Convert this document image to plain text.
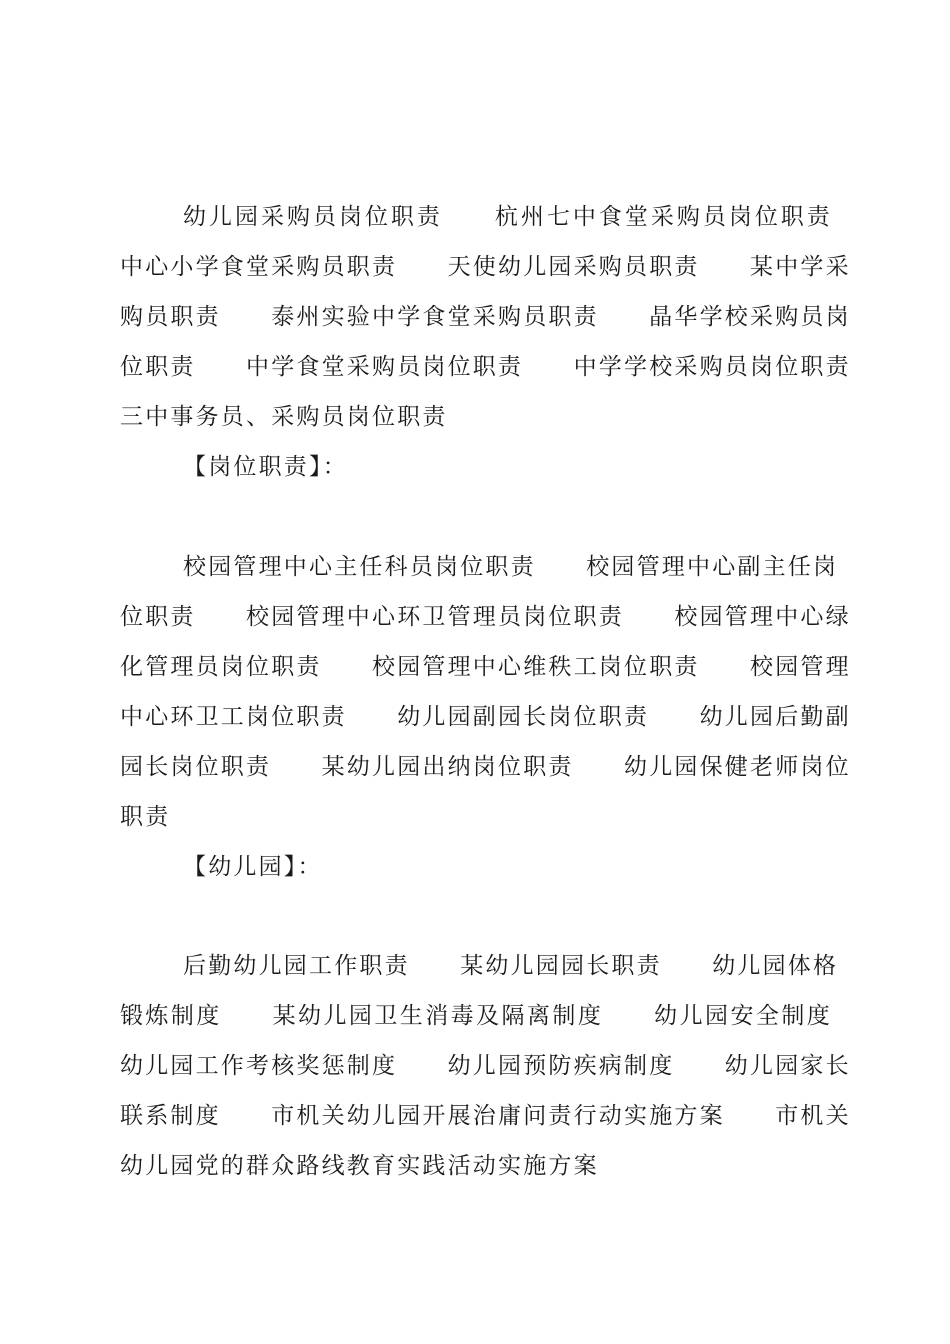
幼儿园采购员岗位职责　　杭州七中食堂采购员岗位职责
中心小学食堂采购员职责　　天使幼儿园采购员职责　　某中学采
购员职责　　泰州实验中学食堂采购员职责　　晶华学校采购员岗
位职责　　中学食堂采购员岗位职责　　中学学校采购员岗位职责
三中事务员、采购员岗位职责
【岗位职责】：
校园管理中心主任科员岗位职责　　校园管理中心副主任岗
位职责　　校园管理中心环卫管理员岗位职责　　校园管理中心绿
化管理员岗位职责　　校园管理中心维秩工岗位职责　　校园管理
中心环卫工岗位职责　　幼儿园副园长岗位职责　　幼儿园后勤副
园长岗位职责　　某幼儿园出纳岗位职责　　幼儿园保健老师岗位
职责
【幼儿园】：
后勤幼儿园工作职责　　某幼儿园园长职责　　幼儿园体格
锻炼制度　　某幼儿园卫生消毒及隔离制度　　幼儿园安全制度
幼儿园工作考核奖惩制度　　幼儿园预防疾病制度　　幼儿园家长
联系制度　　市机关幼儿园开展治庸问责行动实施方案　　市机关
幼儿园党的群众路线教育实践活动实施方案
